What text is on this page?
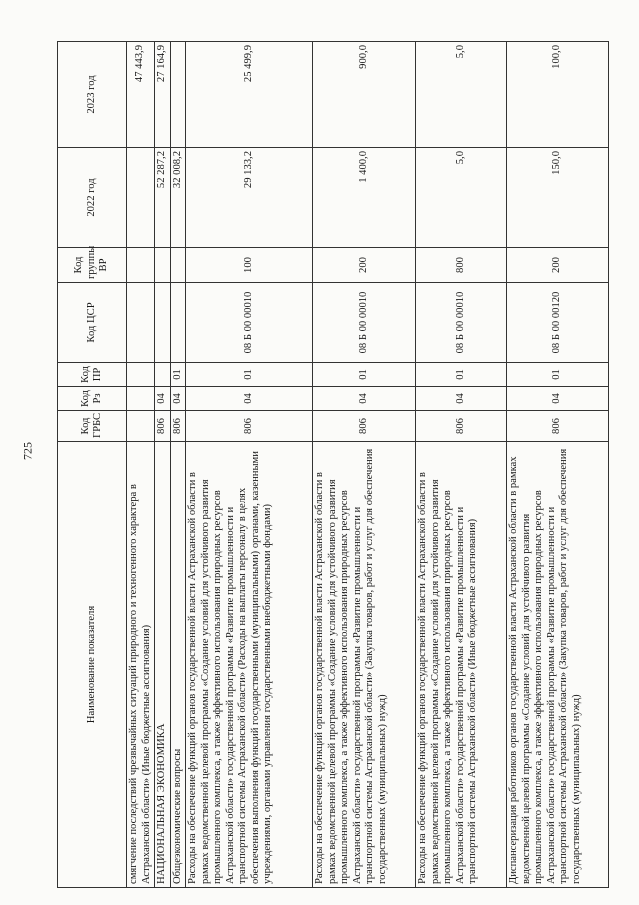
725
Наименование показателя	Код ГРБС	Код Рз	Код ПР	Код ЦСР	Код группы ВР	2022 год	2023 год
смягчение последствий чрезвычайных ситуаций природного и техногенного характера в Астраханской области» (Иные бюджетные ассигнования)							47 443,9
НАЦИОНАЛЬНАЯ ЭКОНОМИКА	806	04				52 287,2	27 164,9
Общеэкономические вопросы	806	04	01			32 008,2	
Расходы на обеспечение функций органов государственной власти Астраханской области в рамках ведомственной целевой программы «Создание условий для устойчивого развития промышленного комплекса, а также эффективного использования природных ресурсов Астраханской области» государственной программы «Развитие промышленности и транспортной системы Астраханской области» (Расходы на выплаты персоналу в целях обеспечения выполнения функций государственными (муниципальными) органами, казенными учреждениями, органами управления государственными внебюджетными фондами)	806	04	01	08 Б 00 00010	100	29 133,2	25 499,9
Расходы на обеспечение функций органов государственной власти Астраханской области в рамках ведомственной целевой программы «Создание условий для устойчивого развития промышленного комплекса, а также эффективного использования природных ресурсов Астраханской области» государственной программы «Развитие промышленности и транспортной системы Астраханской области» (Закупка товаров, работ и услуг для обеспечения государственных (муниципальных) нужд)	806	04	01	08 Б 00 00010	200	1 400,0	900,0
Расходы на обеспечение функций органов государственной власти Астраханской области в рамках ведомственной целевой программы «Создание условий для устойчивого развития промышленного комплекса, а также эффективного использования природных ресурсов Астраханской области» государственной программы «Развитие промышленности и транспортной системы Астраханской области» (Иные бюджетные ассигнования)	806	04	01	08 Б 00 00010	800	5,0	5,0
Диспансеризация работников органов государственной власти Астраханской области в рамках ведомственной целевой программы «Создание условий для устойчивого развития промышленного комплекса, а также эффективного использования природных ресурсов Астраханской области» государственной программы «Развитие промышленности и транспортной системы Астраханской области» (Закупка товаров, работ и услуг для обеспечения государственных (муниципальных) нужд)	806	04	01	08 Б 00 00120	200	150,0	100,0
